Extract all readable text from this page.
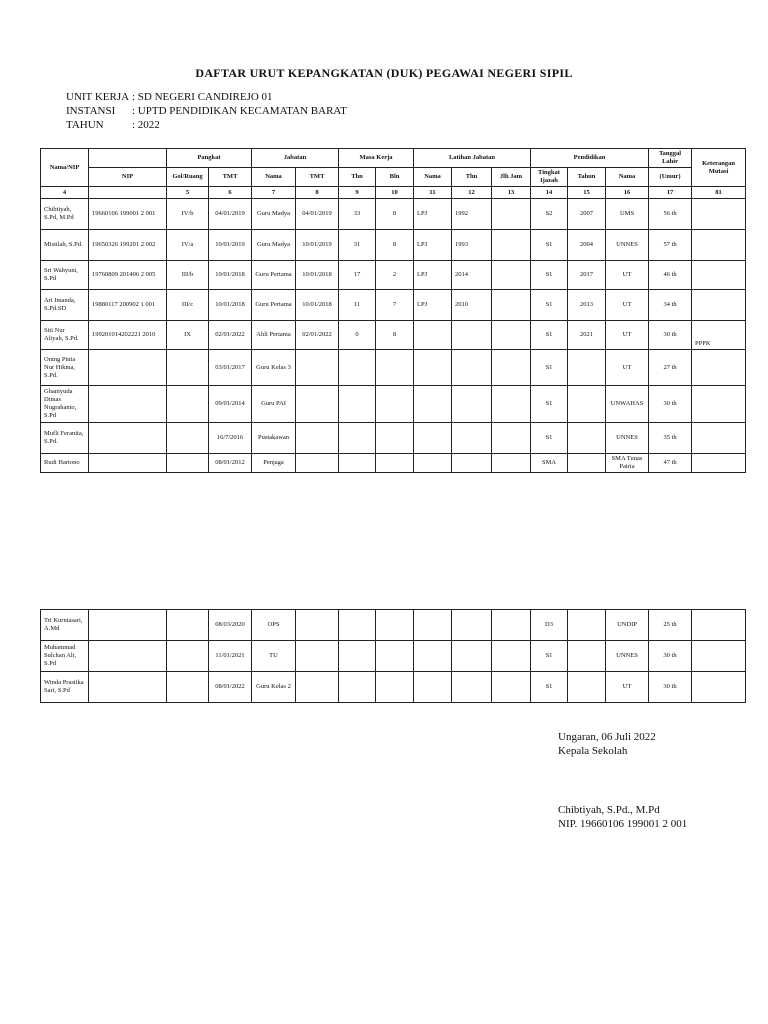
DAFTAR URUT KEPANGKATAN (DUK) PEGAWAI NEGERI SIPIL
UNIT KERJA : SD NEGERI CANDIREJO 01
INSTANSI	: UPTD PENDIDIKAN KECAMATAN BARAT
TAHUN	: 2022
Nama/NIP		Pangkat		Jabatan		Masa Kerja		Latihan Jabatan			Pendidikan			Tanggal Lahir	Keterangan Mutasi
	NIP	Gol/Ruang	TMT	Nama	TMT	Thn	Bln	Nama	Thn	Jlh Jam	Tingkat Ijazah	Tahun	Nama	(Umur)	
4		5	6	7	8	9	10	11	12	13	14	15	16	17	81
Chibtiyah, S.Pd, M.Pd	19660106 199001 2 001	IV/b	04/01/2019	Guru Madya	04/01/2019	33	8	LPJ	1992		S2	2007	UMS	56 th	
Mistilah, S.Pd.	19650326 199201 2 002	IV/a	10/01/2019	Guru Madya	10/01/2019	31	8	LPJ	1993		S1	2004	UNNES	57 th	
Sri Wahyuni, S.Pd	19760809 201406 2 005	III/b	10/01/2018	Guru Pertama	10/01/2018	17	2	LPJ	2014		S1	2017	UT	46 th	
Ari Imanda, S.Pd.SD	19880117 200902 1 001	III/c	10/01/2018	Guru Pertama	10/01/2018	11	7	LPJ	2010		S1	2013	UT	34 th	
Siti Nur Aliyah, S.Pd.	199201014202221 2010	IX	02/01/2022	Ahli Pertama	02/01/2022	0	8				S1	2021	UT	30 th	PPPK
Oning Pinta Nur Hikma, S.Pd.			03/01/2017	Guru Kelas 3							S1		UT	27 th	
Ghaniyuda Dimas Nugrahanto, S.Pd			09/01/2014	Guru PAI							S1		UNWAHAS	30 th	
Mufli Feranita, S.Pd.			16/7/2016	Pustakawan							S1		UNNES	35 th	
Rudi Hartono			08/01/2012	Penjaga							SMA		SMA Tunas Patria	47 th	
Tri Kurniasari, A.Md			08/03/2020	OPS							D3		UNDIP	25 th	
Muhammad Sulchan Ali, S.Pd			11/01/2021	TU							S1		UNNES	30 th	
Winda Prastika Sari, S.Pd			08/01/2022	Guru Kelas 2							S1		UT	30 th	
Ungaran, 06 Juli 2022
Kepala Sekolah
Chibtiyah, S.Pd., M.Pd
NIP. 19660106 199001 2 001
